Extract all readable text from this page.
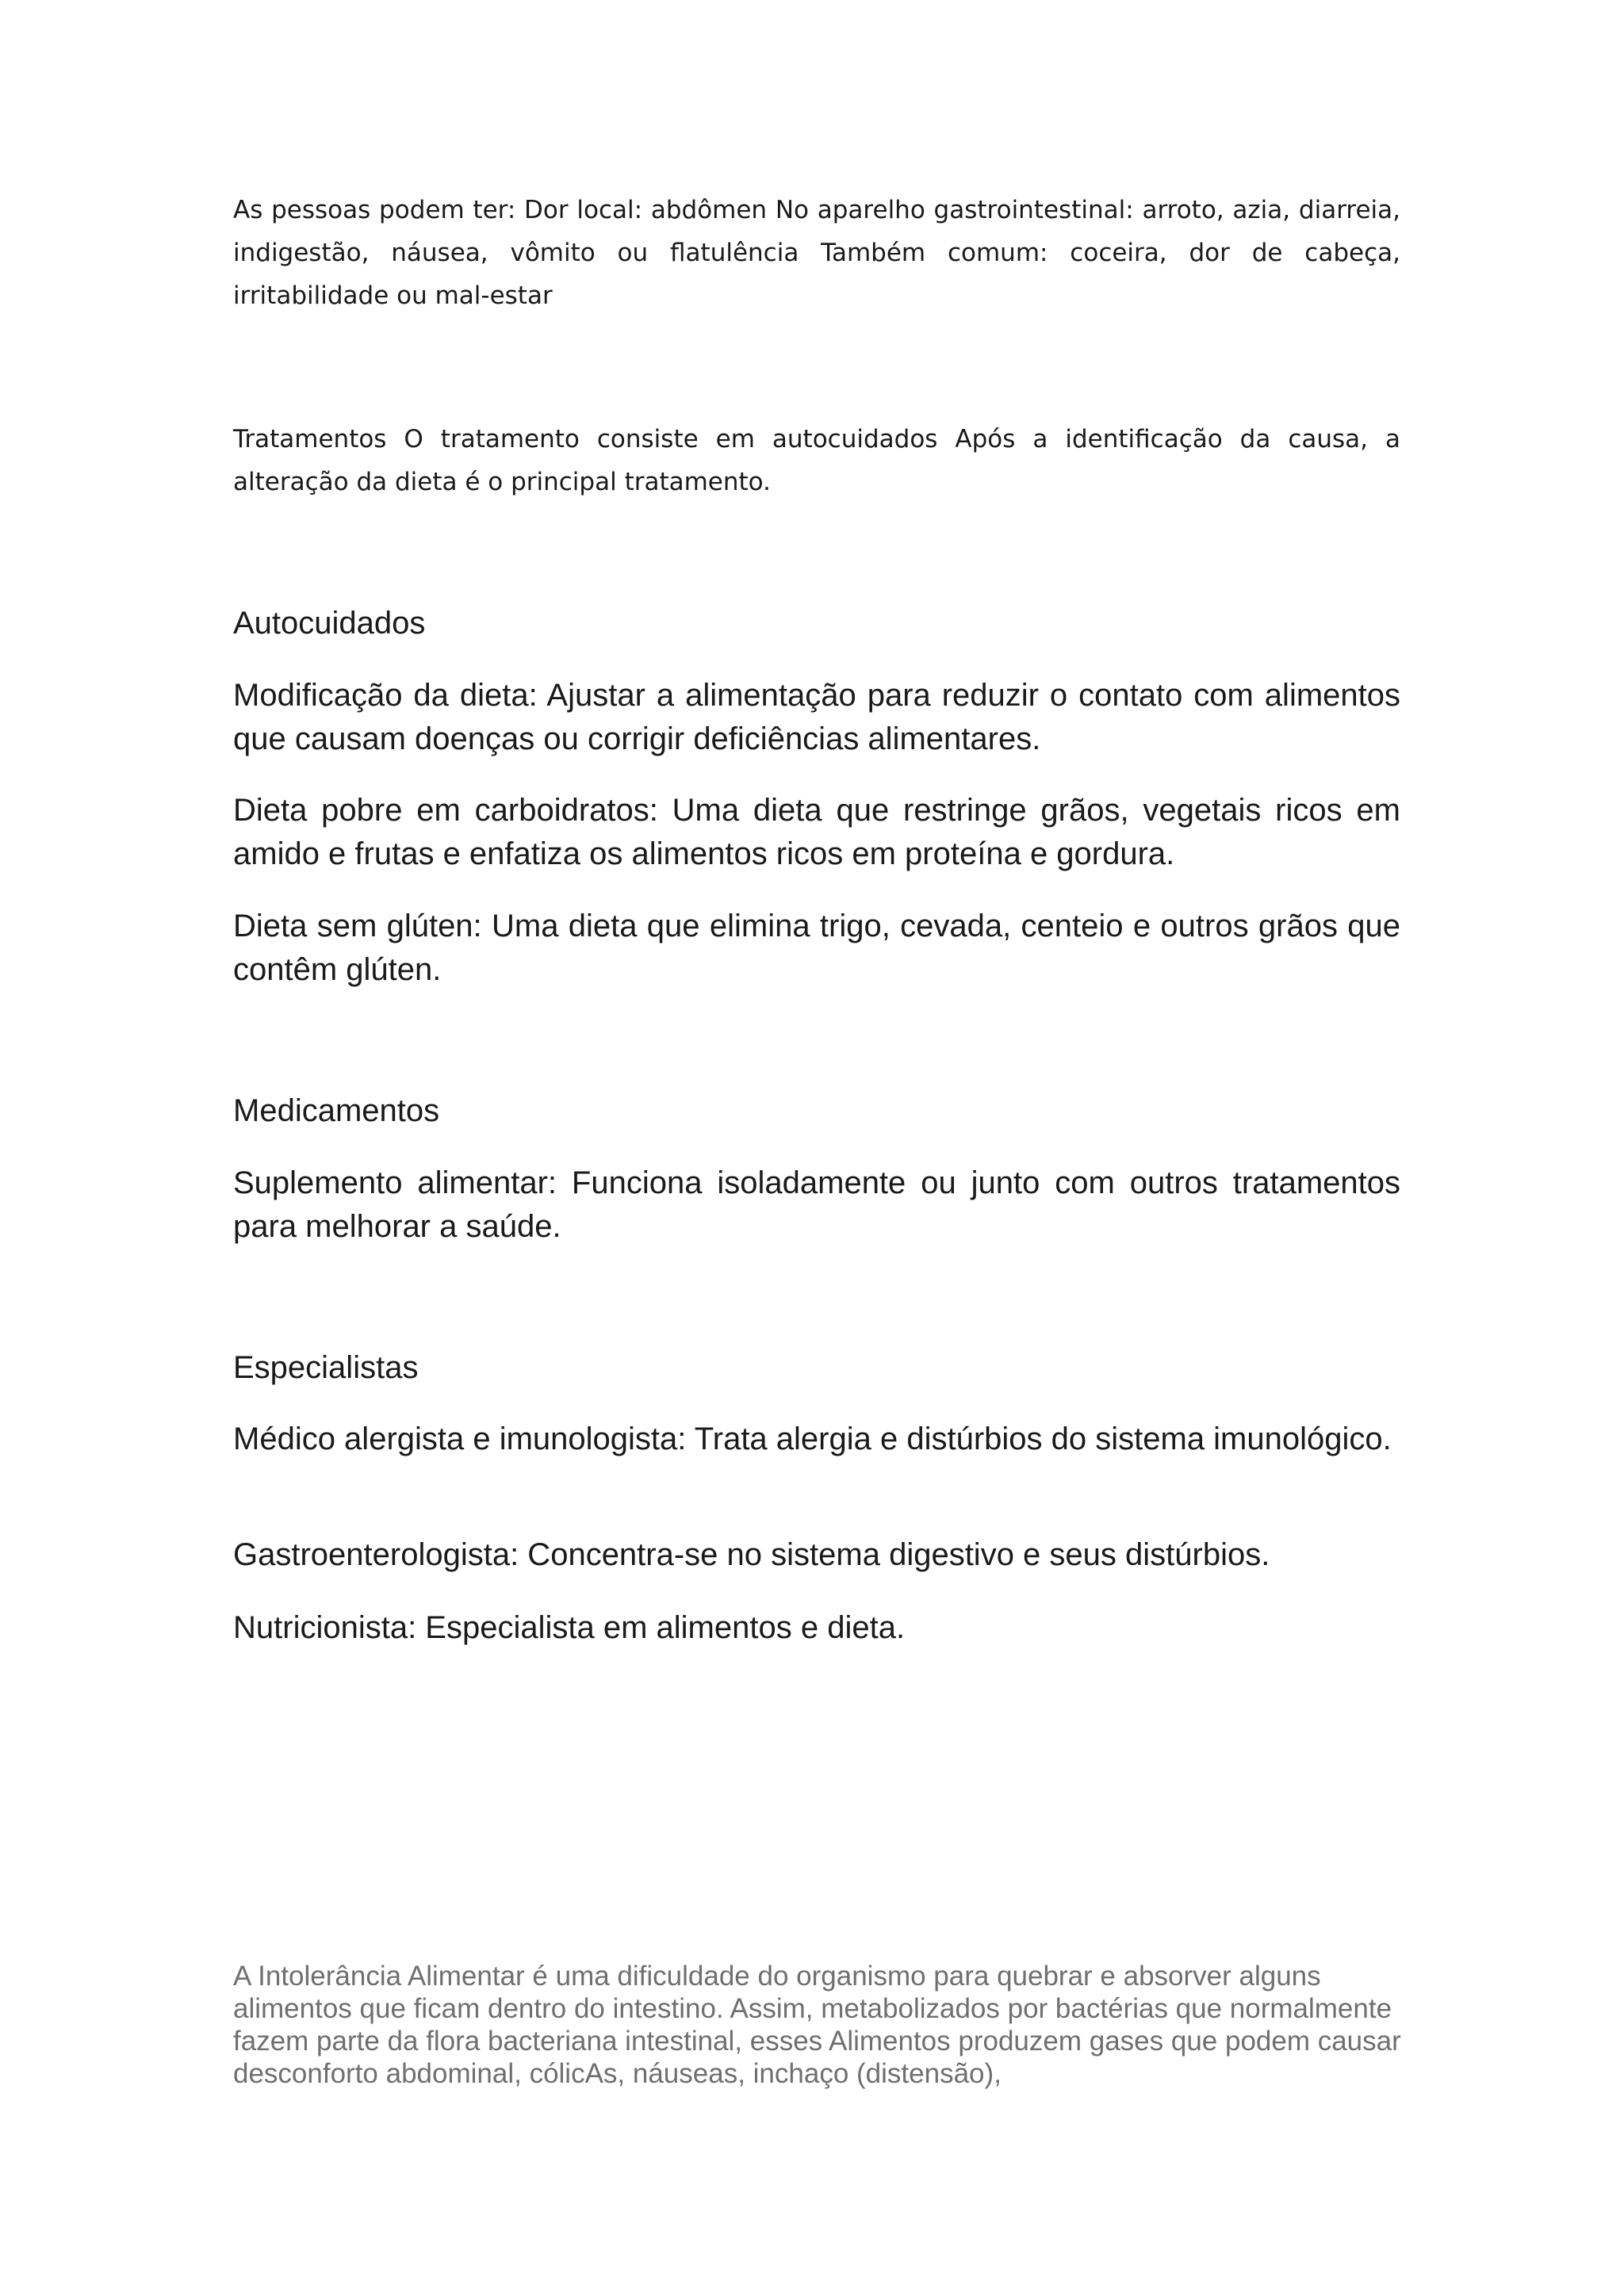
As pessoas podem ter: Dor local: abdômen No aparelho gastrointestinal: arroto, azia, diarreia, indigestão, náusea, vômito ou flatulência Também comum: coceira, dor de cabeça, irritabilidade ou mal-estar

Tratamentos O tratamento consiste em autocuidados Após a identificação da causa, a alteração da dieta é o principal tratamento.

Autocuidados

Modificação da dieta: Ajustar a alimentação para reduzir o contato com alimentos que causam doenças ou corrigir deficiências alimentares.

Dieta pobre em carboidratos: Uma dieta que restringe grãos, vegetais ricos em amido e frutas e enfatiza os alimentos ricos em proteína e gordura.

Dieta sem glúten: Uma dieta que elimina trigo, cevada, centeio e outros grãos que contêm glúten.

Medicamentos

Suplemento alimentar: Funciona isoladamente ou junto com outros tratamentos para melhorar a saúde.

Especialistas

Médico alergista e imunologista: Trata alergia e distúrbios do sistema imunológico.

Gastroenterologista: Concentra-se no sistema digestivo e seus distúrbios.

Nutricionista: Especialista em alimentos e dieta.

A Intolerância Alimentar é uma dificuldade do organismo para quebrar e absorver alguns alimentos que ficam dentro do intestino. Assim, metabolizados por bactérias que normalmente fazem parte da flora bacteriana intestinal, esses Alimentos produzem gases que podem causar desconforto abdominal, cólicAs, náuseas, inchaço (distensão),
